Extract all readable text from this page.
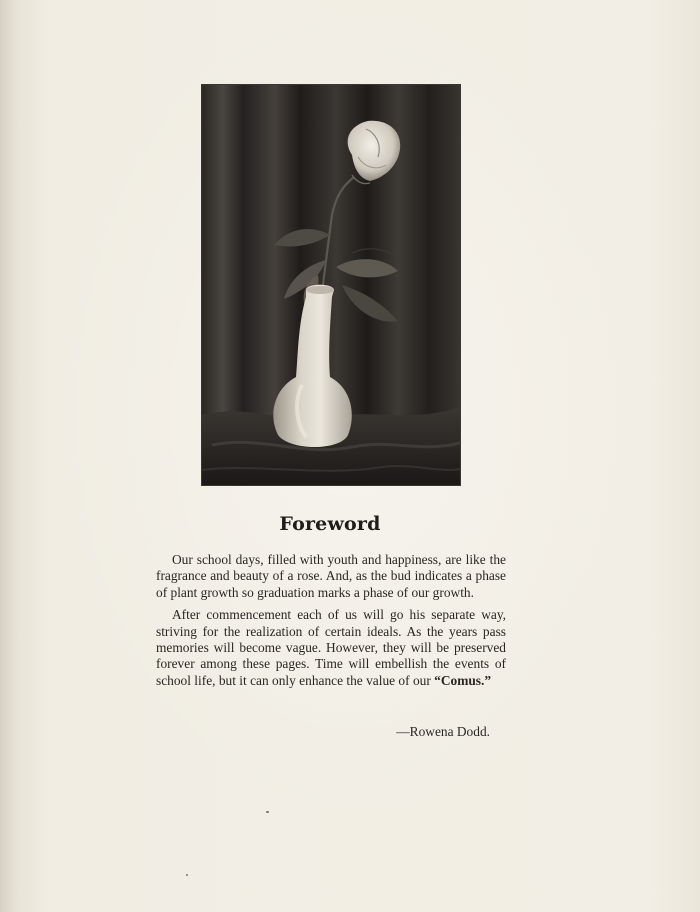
Foreword

Our school days, filled with youth and happiness, are like the fragrance and beauty of a rose. And, as the bud indicates a phase of plant growth so graduation marks a phase of our growth.

After commencement each of us will go his separate way, striving for the realization of certain ideals. As the years pass memories will become vague. However, they will be preserved forever among these pages. Time will embellish the events of school life, but it can only enhance the value of our “Comus.”

—Rowena Dodd.
